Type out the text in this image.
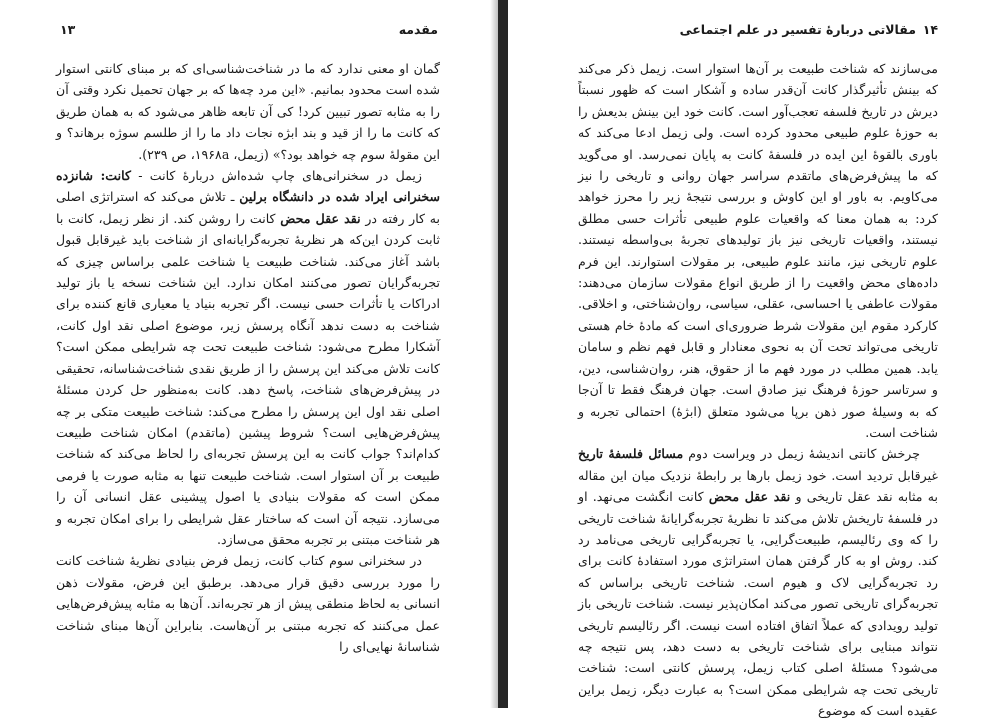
۱۳	مقدمه

گمان او معنی ندارد که ما در شناخت‌شناسی‌ای که بر مبنای کانتی استوار شده است محدود بمانیم. «این مرد چه‌ها که بر جهان تحمیل نکرد وقتی آن را به مثابه تصور تبیین کرد! کی آن تابعه ظاهر می‌شود که به همان طریق که کانت ما را از قید و بند ابژه نجات داد ما را از طلسم سوژه برهاند؟ و این مقولهٔ سوم چه خواهد بود؟» (زیمل، ۱۹۶۸a، ص ۲۳۹).

زیمل در سخنرانی‌های چاپ شده‌اش دربارهٔ کانت - کانت: شانزده سخنرانی ایراد شده در دانشگاه برلین ـ تلاش می‌کند که استراتژی اصلی به کار رفته در نقد عقل محض کانت را روشن کند. از نظر زیمل، کانت با ثابت کردن این‌که هر نظریهٔ تجربه‌گرایانه‌ای از شناخت باید غیرقابل قبول باشد آغاز می‌کند. شناخت طبیعت یا شناخت علمی براساس چیزی که تجربه‌گرایان تصور می‌کنند امکان ندارد. این شناخت نسخه یا باز تولید ادراکات یا تأثرات حسی نیست. اگر تجربه بنیاد یا معیاری قانع کننده برای شناخت به دست ندهد آنگاه پرسش زیر، موضوع اصلی نقد اول کانت، آشکارا مطرح می‌شود: شناخت طبیعت تحت چه شرایطی ممکن است؟ کانت تلاش می‌کند این پرسش را از طریق نقدی شناخت‌شناسانه، تحقیقی در پیش‌فرض‌های شناخت، پاسخ دهد. کانت به‌منظور حل کردن مسئلهٔ اصلی نقد اول این پرسش را مطرح می‌کند: شناخت طبیعت متکی بر چه پیش‌فرض‌هایی است؟ شروط پیشین (ماتقدم) امکان شناخت طبیعت کدام‌اند؟ جواب کانت به این پرسش تجربه‌ای را لحاظ می‌کند که شناخت طبیعت بر آن استوار است. شناخت طبیعت تنها به مثابه صورت یا فرمی ممکن است که مقولات بنیادی یا اصول پیشینی عقل انسانی آن را می‌سازد. نتیجه آن است که ساختار عقل شرایطی را برای امکان تجربه و هر شناخت مبتنی بر تجربه محقق می‌سازد.

در سخنرانی سوم کتاب کانت، زیمل فرض بنیادی نظریهٔ شناخت کانت را مورد بررسی دقیق قرار می‌دهد. برطبق این فرض، مقولات ذهن انسانی به لحاظ منطقی پیش از هر تجربه‌اند. آن‌ها به مثابه پیش‌فرض‌هایی عمل می‌کنند که تجربه مبتنی بر آن‌هاست. بنابراین آن‌ها مبنای شناخت شناسانهٔ نهایی‌ای را

۱۴
مقالاتی دربارهٔ تفسیر در علم اجتماعی

می‌سازند که شناخت طبیعت بر آن‌ها استوار است. زیمل ذکر می‌کند که بینش تأثیرگذار کانت آن‌قدر ساده و آشکار است که ظهور نسبتاً دیرش در تاریخ فلسفه تعجب‌آور است. کانت خود این بینش بدیعش را به حوزهٔ علوم طبیعی محدود کرده است. ولی زیمل ادعا می‌کند که باوری بالقوهٔ این ایده در فلسفهٔ کانت به پایان نمی‌رسد. او می‌گوید که ما پیش‌فرض‌های ماتقدم سراسر جهان روانی و تاریخی را نیز می‌کاویم. به باور او این کاوش و بررسی نتیجهٔ زیر را محرز خواهد کرد: به همان معنا که واقعیات علوم طبیعی تأثرات حسی مطلق نیستند، واقعیات تاریخی نیز باز تولیدهای تجربهٔ بی‌واسطه نیستند. علوم تاریخی نیز، مانند علوم طبیعی، بر مقولات استوارند. این فرم داده‌های محض واقعیت را از طریق انواع مقولات سازمان می‌دهند: مقولات عاطفی یا احساسی، عقلی، سیاسی، روان‌شناختی، و اخلاقی. کارکرد مقوم این مقولات شرط ضروری‌ای است که مادهٔ خام هستی تاریخی می‌تواند تحت آن به نحوی معنادار و قابل فهم نظم و سامان یابد. همین مطلب در مورد فهم ما از حقوق، هنر، روان‌شناسی، دین، و سرتاسر حوزهٔ فرهنگ نیز صادق است. جهان فرهنگ فقط تا آن‌جا که به وسیلهٔ صور ذهن برپا می‌شود متعلق (ابژهٔ) احتمالی تجربه و شناخت است.

چرخش کانتی اندیشهٔ زیمل در ویراست دوم مسائل فلسفهٔ تاریخ غیرقابل تردید است. خود زیمل بارها بر رابطهٔ نزدیک میان این مقاله به مثابه نقد عقل تاریخی و نقد عقل محض کانت انگشت می‌نهد. او در فلسفهٔ تاریخش تلاش می‌کند تا نظریهٔ تجربه‌گرایانهٔ شناخت تاریخی را که وی رئالیسم، طبیعت‌گرایی، یا تجربه‌گرایی تاریخی می‌نامد رد کند. روش او به کار گرفتن همان استراتژی مورد استفادهٔ کانت برای رد تجربه‌گرایی لاک و هیوم است. شناخت تاریخی براساس که تجربه‌گرای تاریخی تصور می‌کند امکان‌پذیر نیست. شناخت تاریخی باز تولید رویدادی که عملاً اتفاق افتاده است نیست. اگر رئالیسم تاریخی نتواند مبنایی برای شناخت تاریخی به دست دهد، پس نتیجه چه می‌شود؟ مسئلهٔ اصلی کتاب زیمل، پرسش کانتی است: شناخت تاریخی تحت چه شرایطی ممکن است؟ به عبارت دیگر، زیمل براین عقیده است که موضوع
